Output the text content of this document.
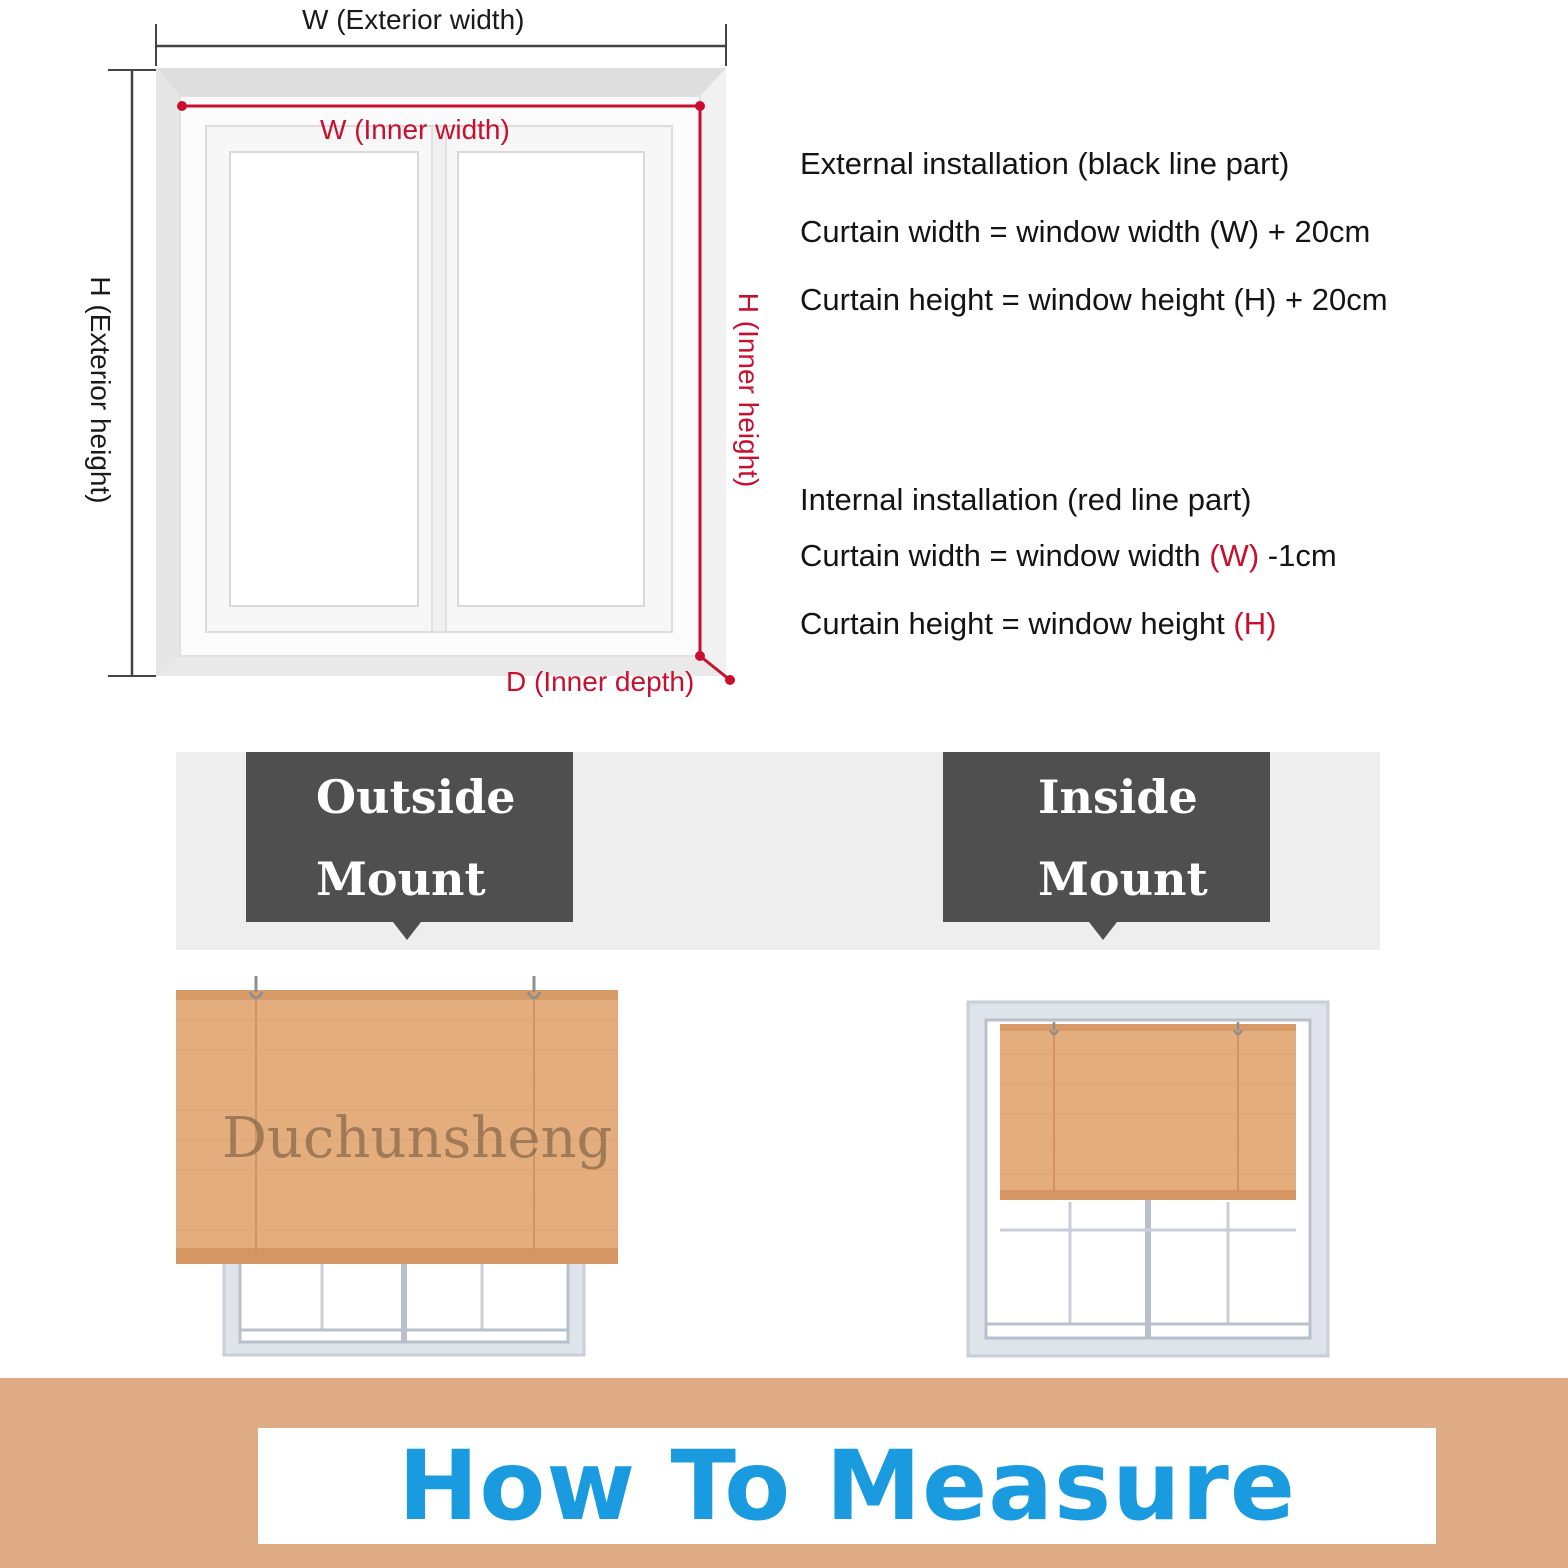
W (Exterior width)
W (Inner width)
H (Exterior height)	H (Inner height)
D (Inner depth)
External installation (black line part)
Curtain width = window width (W) + 20cm
Curtain height = window height (H) + 20cm
Internal installation (red line part)
Curtain width = window width (W) -1cm
Curtain height = window height (H)
Outside
Mount
Inside
Mount
Duchunsheng
How To Measure
